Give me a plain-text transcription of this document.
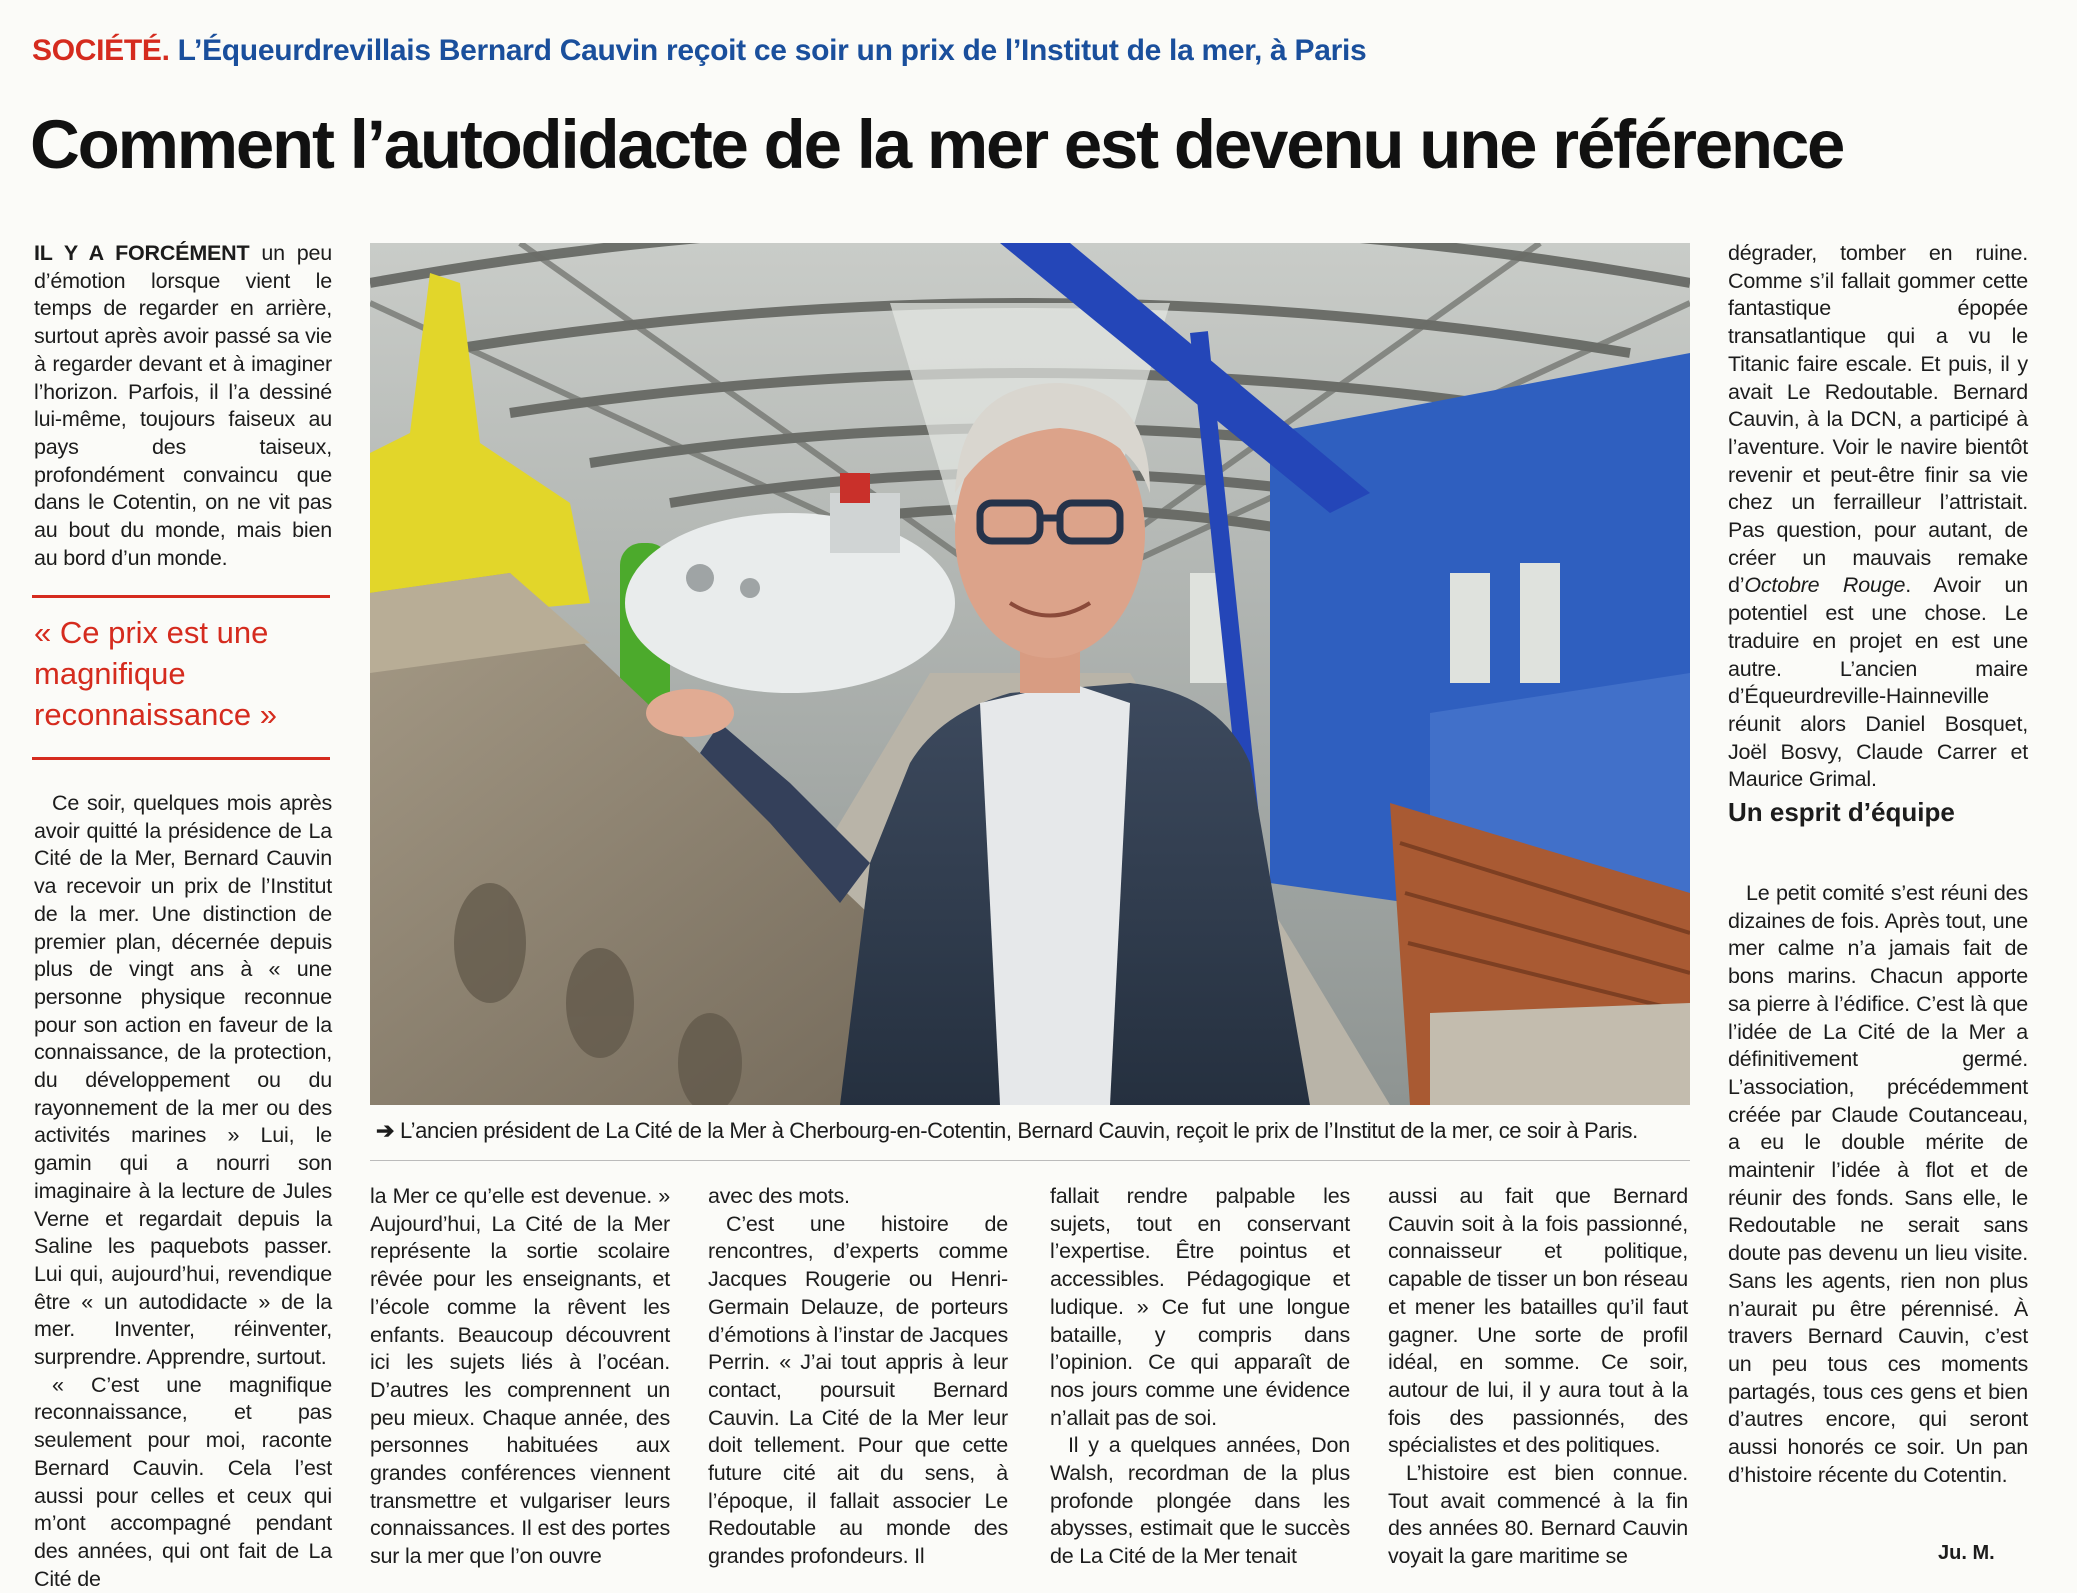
SOCIÉTÉ. L’Équeurdrevillais Bernard Cauvin reçoit ce soir un prix de l’Institut de la mer, à Paris
Comment l’autodidacte de la mer est devenu une référence

IL Y A FORCÉMENT un peu d’émotion lorsque vient le temps de regarder en arrière, surtout après avoir passé sa vie à regarder devant et à imaginer l’horizon. Parfois, il l’a dessiné lui-même, toujours faiseux au pays des taiseux, profondément convaincu que dans le Cotentin, on ne vit pas au bout du monde, mais bien au bord d’un monde.

« Ce prix est une magnifique reconnaissance »

Ce soir, quelques mois après avoir quitté la présidence de La Cité de la Mer, Bernard Cauvin va recevoir un prix de l’Institut de la mer. Une distinction de premier plan, décernée depuis plus de vingt ans à « une personne physique reconnue pour son action en faveur de la connaissance, de la protection, du développement ou du rayonnement de la mer ou des activités marines » Lui, le gamin qui a nourri son imaginaire à la lecture de Jules Verne et regardait depuis la Saline les paquebots passer. Lui qui, aujourd’hui, revendique être « un autodidacte » de la mer. Inventer, réinventer, surprendre. Apprendre, surtout.

« C’est une magnifique reconnaissance, et pas seulement pour moi, raconte Bernard Cauvin. Cela l’est aussi pour celles et ceux qui m’ont accompagné pendant des années, qui ont fait de La Cité de

➔ L’ancien président de La Cité de la Mer à Cherbourg-en-Cotentin, Bernard Cauvin, reçoit le prix de l’Institut de la mer, ce soir à Paris.

la Mer ce qu’elle est devenue. » Aujourd’hui, La Cité de la Mer représente la sortie scolaire rêvée pour les enseignants, et l’école comme la rêvent les enfants. Beaucoup découvrent ici les sujets liés à l’océan. D’autres les comprennent un peu mieux. Chaque année, des personnes habituées aux grandes conférences viennent transmettre et vulgariser leurs connaissances. Il est des portes sur la mer que l’on ouvre

avec des mots.

C’est une histoire de rencontres, d’experts comme Jacques Rougerie ou Henri-Germain Delauze, de porteurs d’émotions à l’instar de Jacques Perrin. « J’ai tout appris à leur contact, poursuit Bernard Cauvin. La Cité de la Mer leur doit tellement. Pour que cette future cité ait du sens, à l’époque, il fallait associer Le Redoutable au monde des grandes profondeurs. Il

fallait rendre palpable les sujets, tout en conservant l’expertise. Être pointus et accessibles. Pédagogique et ludique. » Ce fut une longue bataille, y compris dans l’opinion. Ce qui apparaît de nos jours comme une évidence n’allait pas de soi.

Il y a quelques années, Don Walsh, recordman de la plus profonde plongée dans les abysses, estimait que le succès de La Cité de la Mer tenait

aussi au fait que Bernard Cauvin soit à la fois passionné, connaisseur et politique, capable de tisser un bon réseau et mener les batailles qu’il faut gagner. Une sorte de profil idéal, en somme. Ce soir, autour de lui, il y aura tout à la fois des passionnés, des spécialistes et des politiques.

L’histoire est bien connue. Tout avait commencé à la fin des années 80. Bernard Cauvin voyait la gare maritime se

dégrader, tomber en ruine. Comme s’il fallait gommer cette fantastique épopée transatlantique qui a vu le Titanic faire escale. Et puis, il y avait Le Redoutable. Bernard Cauvin, à la DCN, a participé à l’aventure. Voir le navire bientôt revenir et peut-être finir sa vie chez un ferrailleur l’attristait. Pas question, pour autant, de créer un mauvais remake d’Octobre Rouge. Avoir un potentiel est une chose. Le traduire en projet en est une autre. L’ancien maire d’Équeurdreville-Hainneville réunit alors Daniel Bosquet, Joël Bosvy, Claude Carrer et Maurice Grimal.

Un esprit d’équipe

Le petit comité s’est réuni des dizaines de fois. Après tout, une mer calme n’a jamais fait de bons marins. Chacun apporte sa pierre à l’édifice. C’est là que l’idée de La Cité de la Mer a définitivement germé. L’association, précédemment créée par Claude Coutanceau, a eu le double mérite de maintenir l’idée à flot et de réunir des fonds. Sans elle, le Redoutable ne serait sans doute pas devenu un lieu visite. Sans les agents, rien non plus n’aurait pu être pérennisé. À travers Bernard Cauvin, c’est un peu tous ces moments partagés, tous ces gens et bien d’autres encore, qui seront aussi honorés ce soir. Un pan d’histoire récente du Cotentin.

Ju. M.
